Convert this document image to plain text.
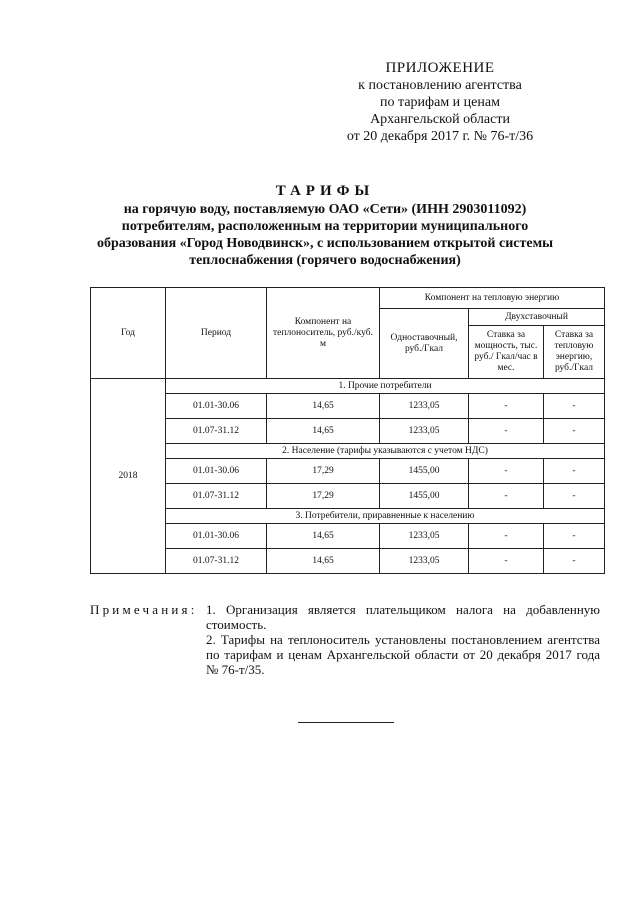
ПРИЛОЖЕНИЕ
к постановлению агентства
по тарифам и ценам
Архангельской области
от 20 декабря 2017 г. № 76-т/36
ТАРИФЫ
на горячую воду, поставляемую ОАО «Сети» (ИНН 2903011092)
потребителям, расположенным на территории муниципального
образования «Город Новодвинск», с использованием открытой системы
теплоснабжения (горячего водоснабжения)
Год	Период	Компонент на теплоноситель, руб./куб. м	Компонент на тепловую энергию		
			Одноставочный, руб./Гкал	Двухставочный	
				Ставка за мощность, тыс. руб./ Гкал/час в мес.	Ставка за тепловую энергию, руб./Гкал
2018	1. Прочие потребители				
	01.01-30.06	14,65	1233,05	-	-
	01.07-31.12	14,65	1233,05	-	-
	2. Население (тарифы указываются с учетом НДС)				
	01.01-30.06	17,29	1455,00	-	-
	01.07-31.12	17,29	1455,00	-	-
	3. Потребители, приравненные к населению				
	01.01-30.06	14,65	1233,05	-	-
	01.07-31.12	14,65	1233,05	-	-
Примечания: 1. Организация является плательщиком налога на добавленную стоимость.

2. Тарифы на теплоноситель установлены постановлением агентства по тарифам и ценам Архангельской области от 20 декабря 2017 года № 76-т/35.
